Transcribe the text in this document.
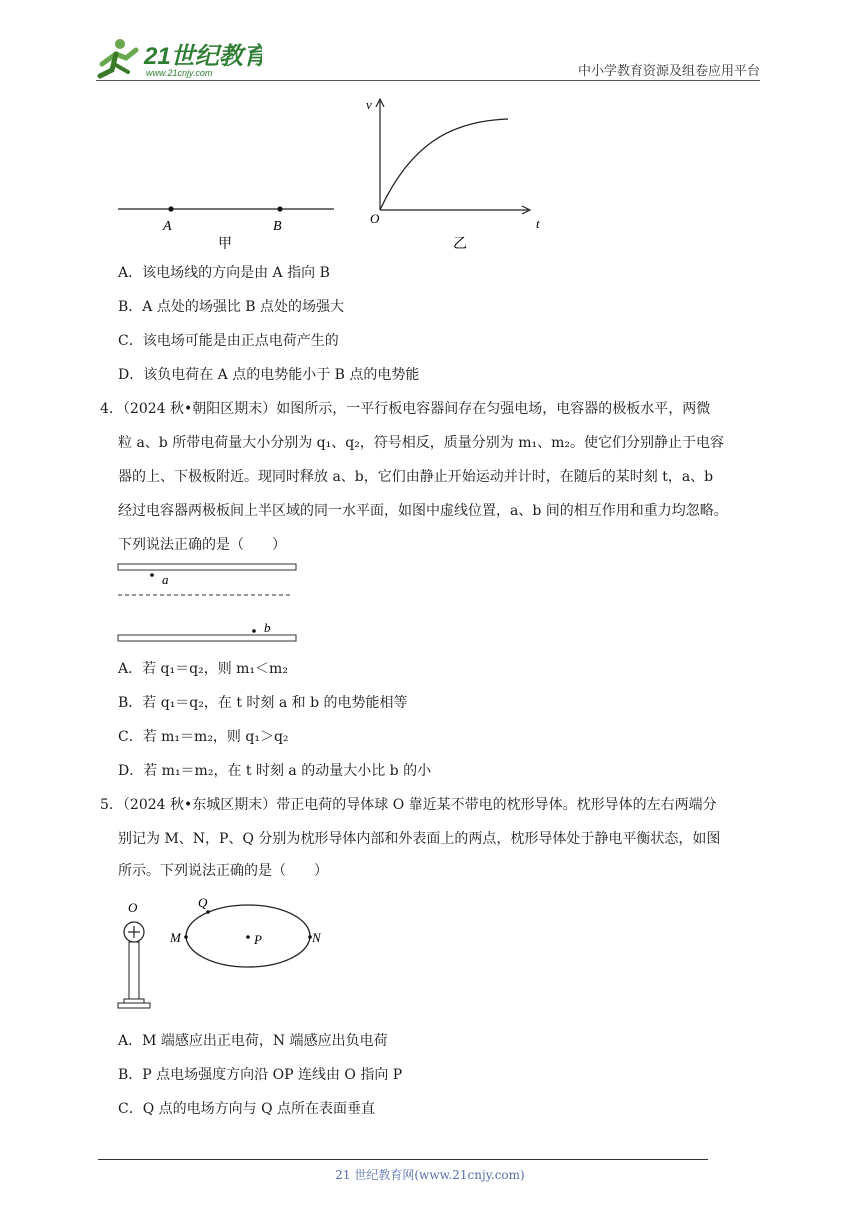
21世纪教育
www.21cnjy.com	中小学教育资源及组卷应用平台
A	B
甲
v
O	t
乙
A．该电场线的方向是由 A 指向 B
B．A 点处的场强比 B 点处的场强大
C．该电场可能是由正点电荷产生的
D．该负电荷在 A 点的电势能小于 B 点的电势能
4．（2024 秋•朝阳区期末）如图所示，一平行板电容器间存在匀强电场，电容器的极板水平，两微
粒 a、b 所带电荷量大小分别为 q₁、q₂，符号相反，质量分别为 m₁、m₂。使它们分别静止于电容
器的上、下极板附近。现同时释放 a、b，它们由静止开始运动并计时，在随后的某时刻 t，a、b
经过电容器两极板间上半区域的同一水平面，如图中虚线位置，a、b 间的相互作用和重力均忽略。
下列说法正确的是（　　）
a
b
A．若 q₁＝q₂，则 m₁＜m₂
B．若 q₁＝q₂，在 t 时刻 a 和 b 的电势能相等
C．若 m₁＝m₂，则 q₁＞q₂
D．若 m₁＝m₂，在 t 时刻 a 的动量大小比 b 的小
5．（2024 秋•东城区期末）带正电荷的导体球 O 靠近某不带电的枕形导体。枕形导体的左右两端分
别记为 M、N，P、Q 分别为枕形导体内部和外表面上的两点，枕形导体处于静电平衡状态，如图
所示。下列说法正确的是（　　）
O	Q
M	P	N
A．M 端感应出正电荷，N 端感应出负电荷
B．P 点电场强度方向沿 OP 连线由 O 指向 P
C．Q 点的电场方向与 Q 点所在表面垂直
21 世纪教育网(www.21cnjy.com)
